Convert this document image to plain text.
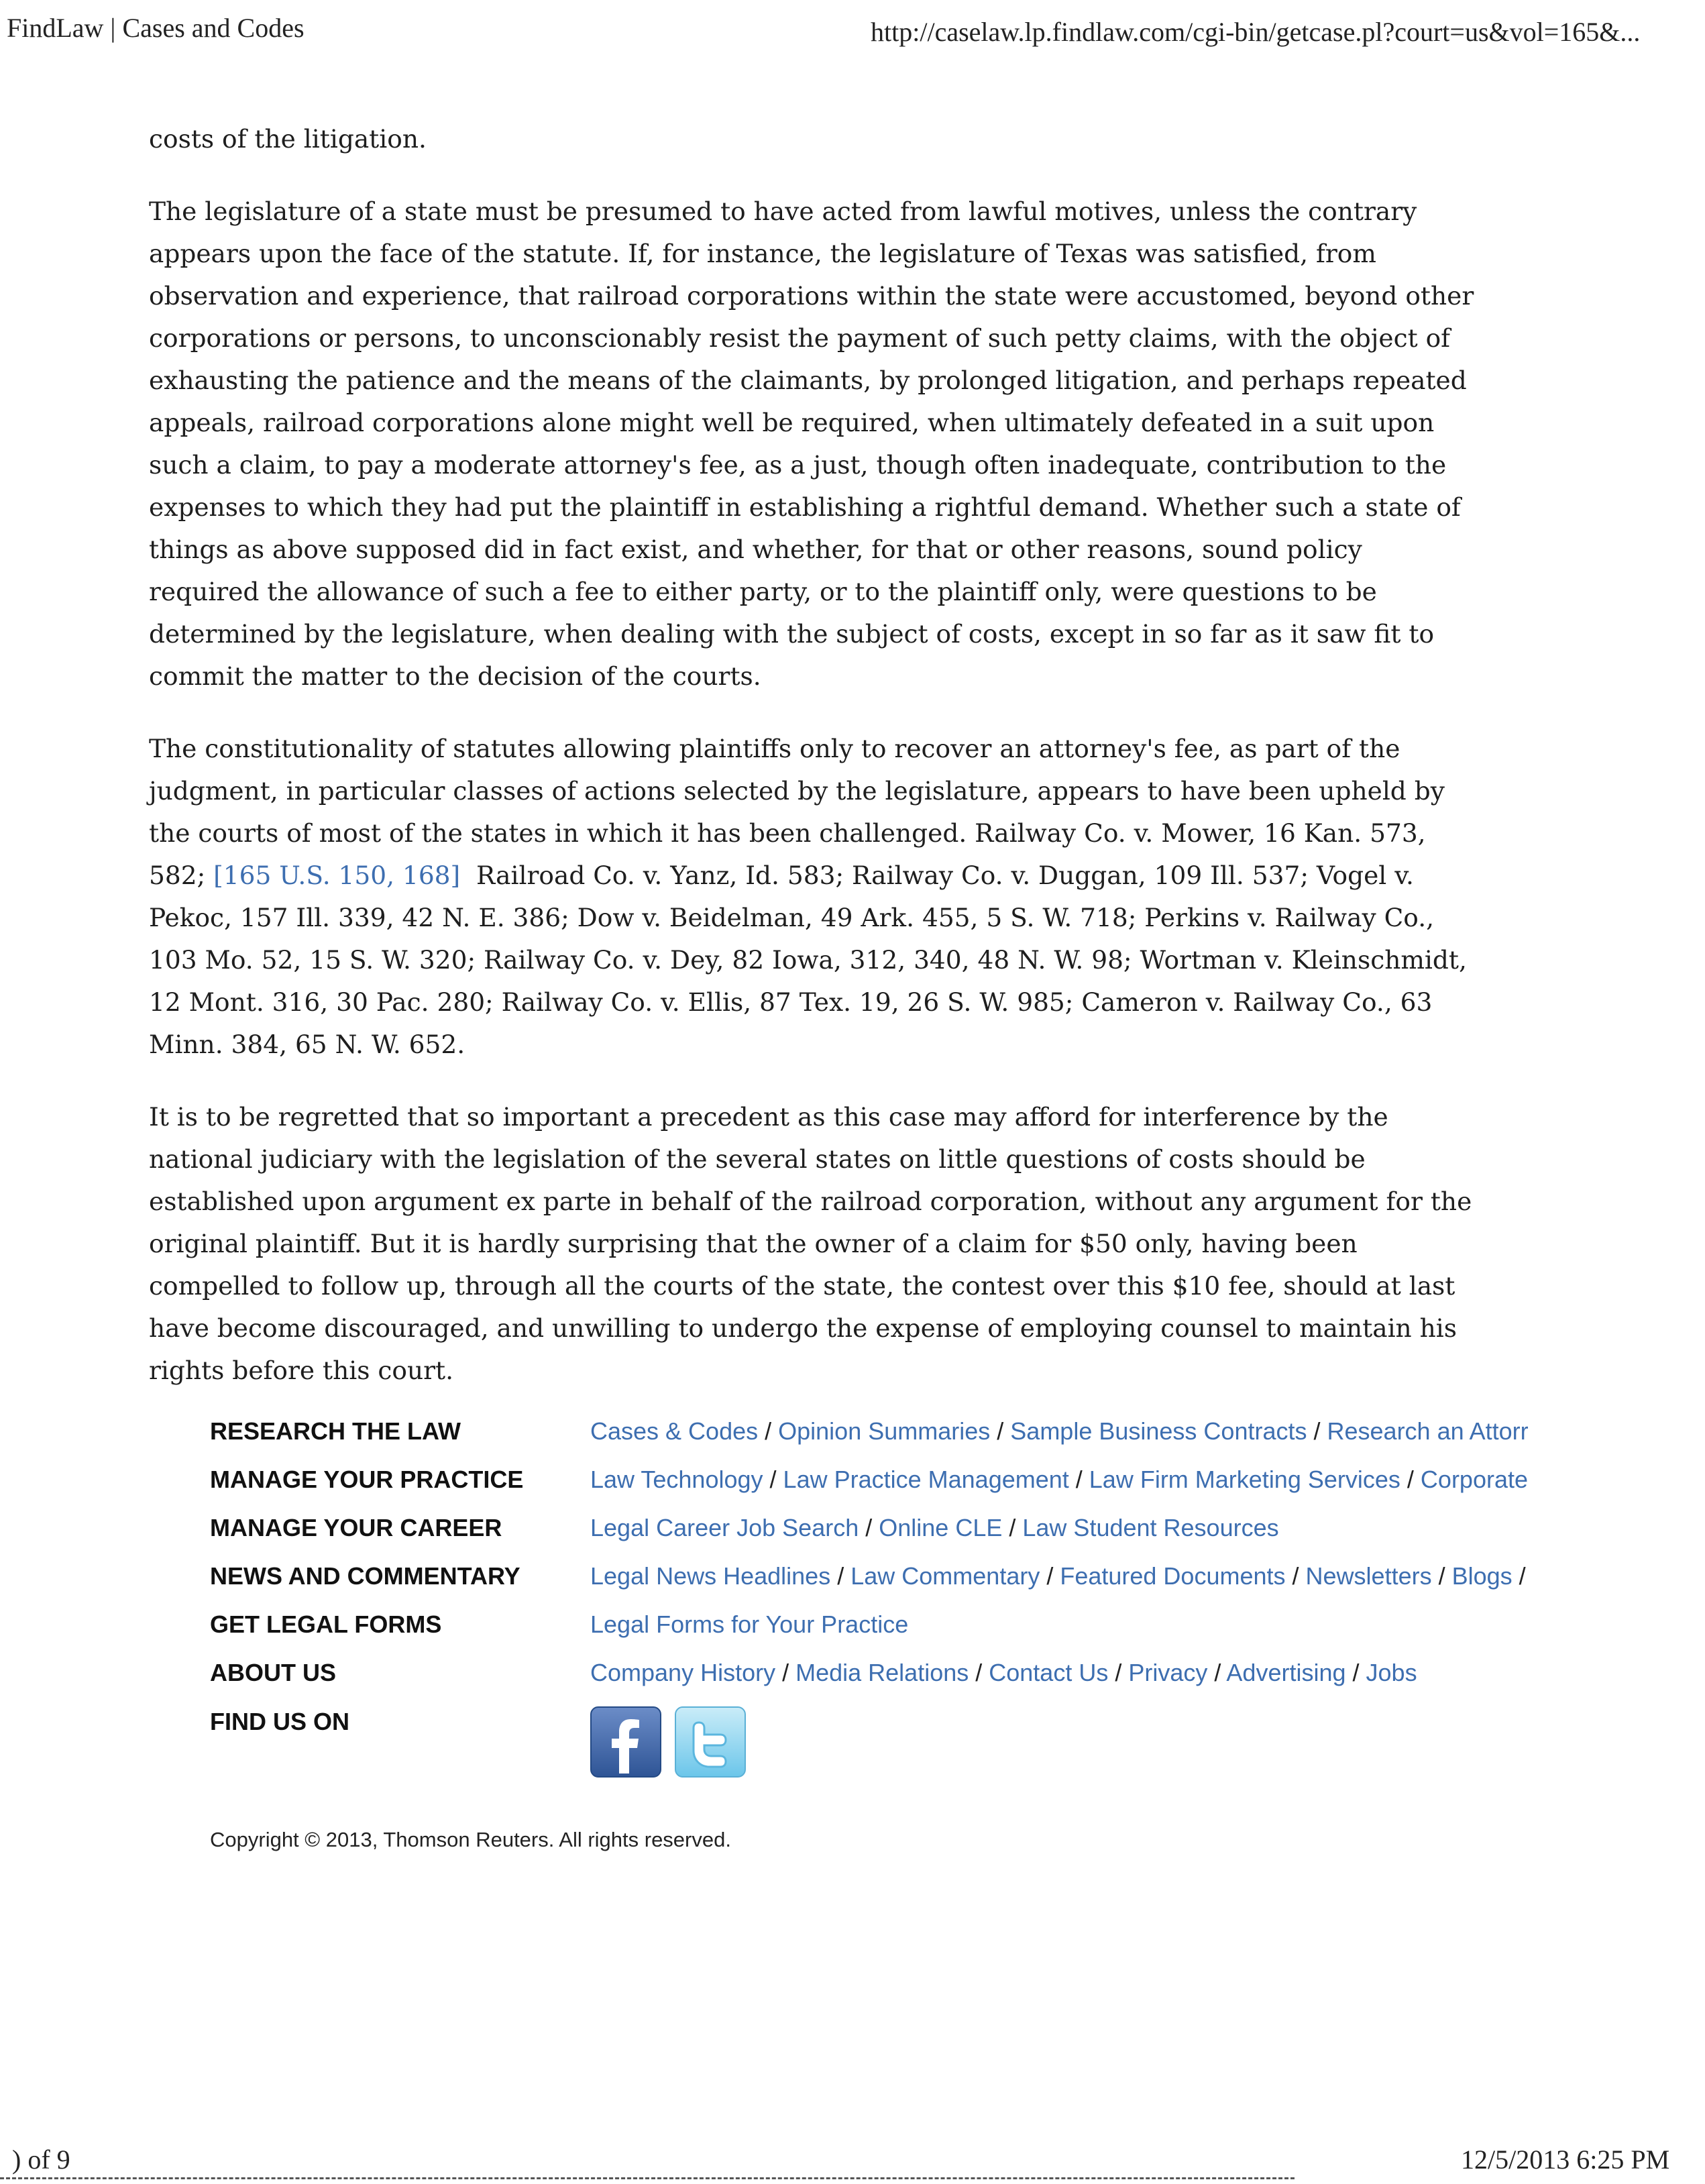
FindLaw | Cases and Codes	http://caselaw.lp.findlaw.com/cgi-bin/getcase.pl?court=us&vol=165&...

costs of the litigation.

The legislature of a state must be presumed to have acted from lawful motives, unless the contrary appears upon the face of the statute. If, for instance, the legislature of Texas was satisfied, from observation and experience, that railroad corporations within the state were accustomed, beyond other corporations or persons, to unconscionably resist the payment of such petty claims, with the object of exhausting the patience and the means of the claimants, by prolonged litigation, and perhaps repeated appeals, railroad corporations alone might well be required, when ultimately defeated in a suit upon such a claim, to pay a moderate attorney's fee, as a just, though often inadequate, contribution to the expenses to which they had put the plaintiff in establishing a rightful demand. Whether such a state of things as above supposed did in fact exist, and whether, for that or other reasons, sound policy required the allowance of such a fee to either party, or to the plaintiff only, were questions to be determined by the legislature, when dealing with the subject of costs, except in so far as it saw fit to commit the matter to the decision of the courts.

The constitutionality of statutes allowing plaintiffs only to recover an attorney's fee, as part of the judgment, in particular classes of actions selected by the legislature, appears to have been upheld by the courts of most of the states in which it has been challenged. Railway Co. v. Mower, 16 Kan. 573, 582; [165 U.S. 150, 168] Railroad Co. v. Yanz, Id. 583; Railway Co. v. Duggan, 109 Ill. 537; Vogel v. Pekoc, 157 Ill. 339, 42 N. E. 386; Dow v. Beidelman, 49 Ark. 455, 5 S. W. 718; Perkins v. Railway Co., 103 Mo. 52, 15 S. W. 320; Railway Co. v. Dey, 82 Iowa, 312, 340, 48 N. W. 98; Wortman v. Kleinschmidt, 12 Mont. 316, 30 Pac. 280; Railway Co. v. Ellis, 87 Tex. 19, 26 S. W. 985; Cameron v. Railway Co., 63 Minn. 384, 65 N. W. 652.

It is to be regretted that so important a precedent as this case may afford for interference by the national judiciary with the legislation of the several states on little questions of costs should be established upon argument ex parte in behalf of the railroad corporation, without any argument for the original plaintiff. But it is hardly surprising that the owner of a claim for $50 only, having been compelled to follow up, through all the courts of the state, the contest over this $10 fee, should at last have become discouraged, and unwilling to undergo the expense of employing counsel to maintain his rights before this court.

RESEARCH THE LAW	Cases & Codes / Opinion Summaries / Sample Business Contracts / Research an Attorr
MANAGE YOUR PRACTICE	Law Technology / Law Practice Management / Law Firm Marketing Services / Corporate
MANAGE YOUR CAREER	Legal Career Job Search / Online CLE / Law Student Resources
NEWS AND COMMENTARY	Legal News Headlines / Law Commentary / Featured Documents / Newsletters / Blogs /
GET LEGAL FORMS	Legal Forms for Your Practice
ABOUT US	Company History / Media Relations / Contact Us / Privacy / Advertising / Jobs
FIND US ON
Copyright © 2013, Thomson Reuters. All rights reserved.
) of 9	12/5/2013 6:25 PM
